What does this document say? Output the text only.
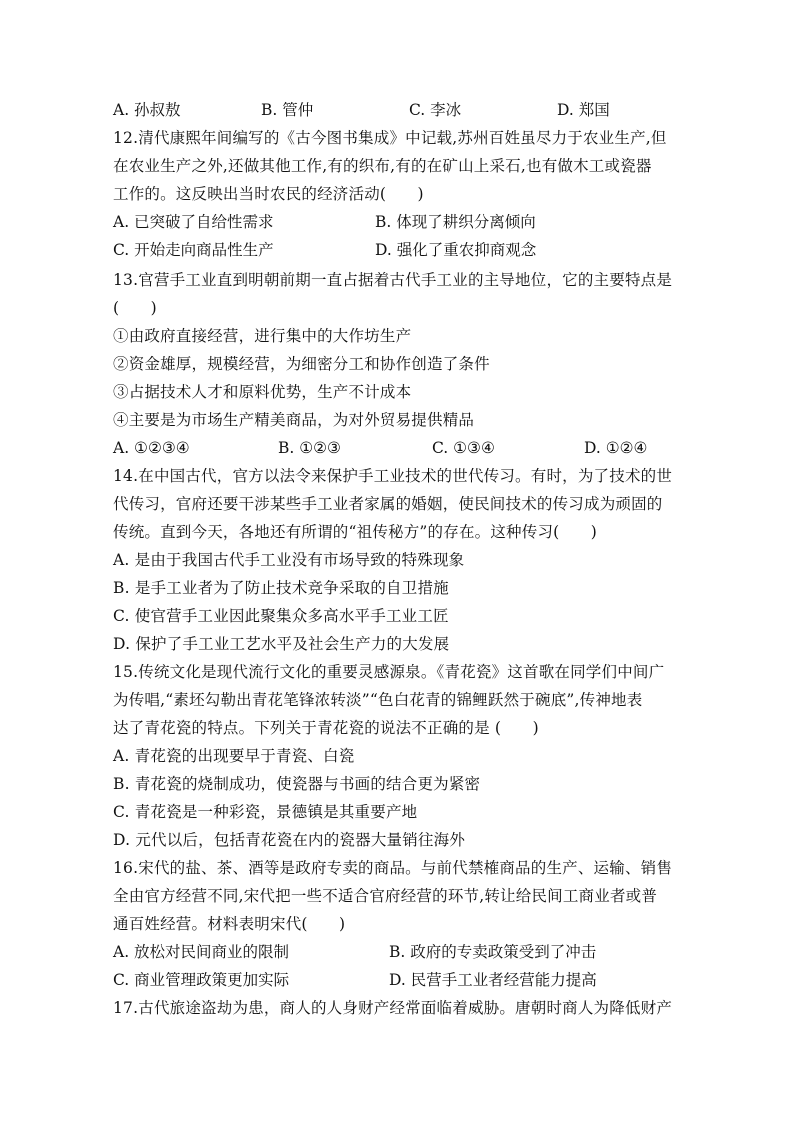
A. 孙叔敖	B. 管仲	C. 李冰	D. 郑国
12.清代康熙年间编写的《古今图书集成》中记载,苏州百姓虽尽力于农业生产,但
在农业生产之外,还做其他工作,有的织布,有的在矿山上采石,也有做木工或瓷器
工作的。这反映出当时农民的经济活动(　　)
A. 已突破了自给性需求	B. 体现了耕织分离倾向
C. 开始走向商品性生产	D. 强化了重农抑商观念
13.官营手工业直到明朝前期一直占据着古代手工业的主导地位，它的主要特点是
(　　)
①由政府直接经营，进行集中的大作坊生产
②资金雄厚，规模经营，为细密分工和协作创造了条件
③占据技术人才和原料优势，生产不计成本
④主要是为市场生产精美商品，为对外贸易提供精品
A. ①②③④	B. ①②③	C. ①③④	D. ①②④
14.在中国古代，官方以法令来保护手工业技术的世代传习。有时，为了技术的世
代传习，官府还要干涉某些手工业者家属的婚姻，使民间技术的传习成为顽固的
传统。直到今天，各地还有所谓的“祖传秘方”的存在。这种传习(　　)
A. 是由于我国古代手工业没有市场导致的特殊现象
B. 是手工业者为了防止技术竞争采取的自卫措施
C. 使官营手工业因此聚集众多高水平手工业工匠
D. 保护了手工业工艺水平及社会生产力的大发展
15.传统文化是现代流行文化的重要灵感源泉。《青花瓷》这首歌在同学们中间广
为传唱,“素坯勾勒出青花笔锋浓转淡”“色白花青的锦鲤跃然于碗底”,传神地表
达了青花瓷的特点。下列关于青花瓷的说法不正确的是 (　　)
A. 青花瓷的出现要早于青瓷、白瓷
B. 青花瓷的烧制成功，使瓷器与书画的结合更为紧密
C. 青花瓷是一种彩瓷，景德镇是其重要产地
D. 元代以后，包括青花瓷在内的瓷器大量销往海外
16.宋代的盐、茶、酒等是政府专卖的商品。与前代禁榷商品的生产、运输、销售
全由官方经营不同,宋代把一些不适合官府经营的环节,转让给民间工商业者或普
通百姓经营。材料表明宋代(　　)
A. 放松对民间商业的限制	B. 政府的专卖政策受到了冲击
C. 商业管理政策更加实际	D. 民营手工业者经营能力提高
17.古代旅途盗劫为患，商人的人身财产经常面临着威胁。唐朝时商人为降低财产
